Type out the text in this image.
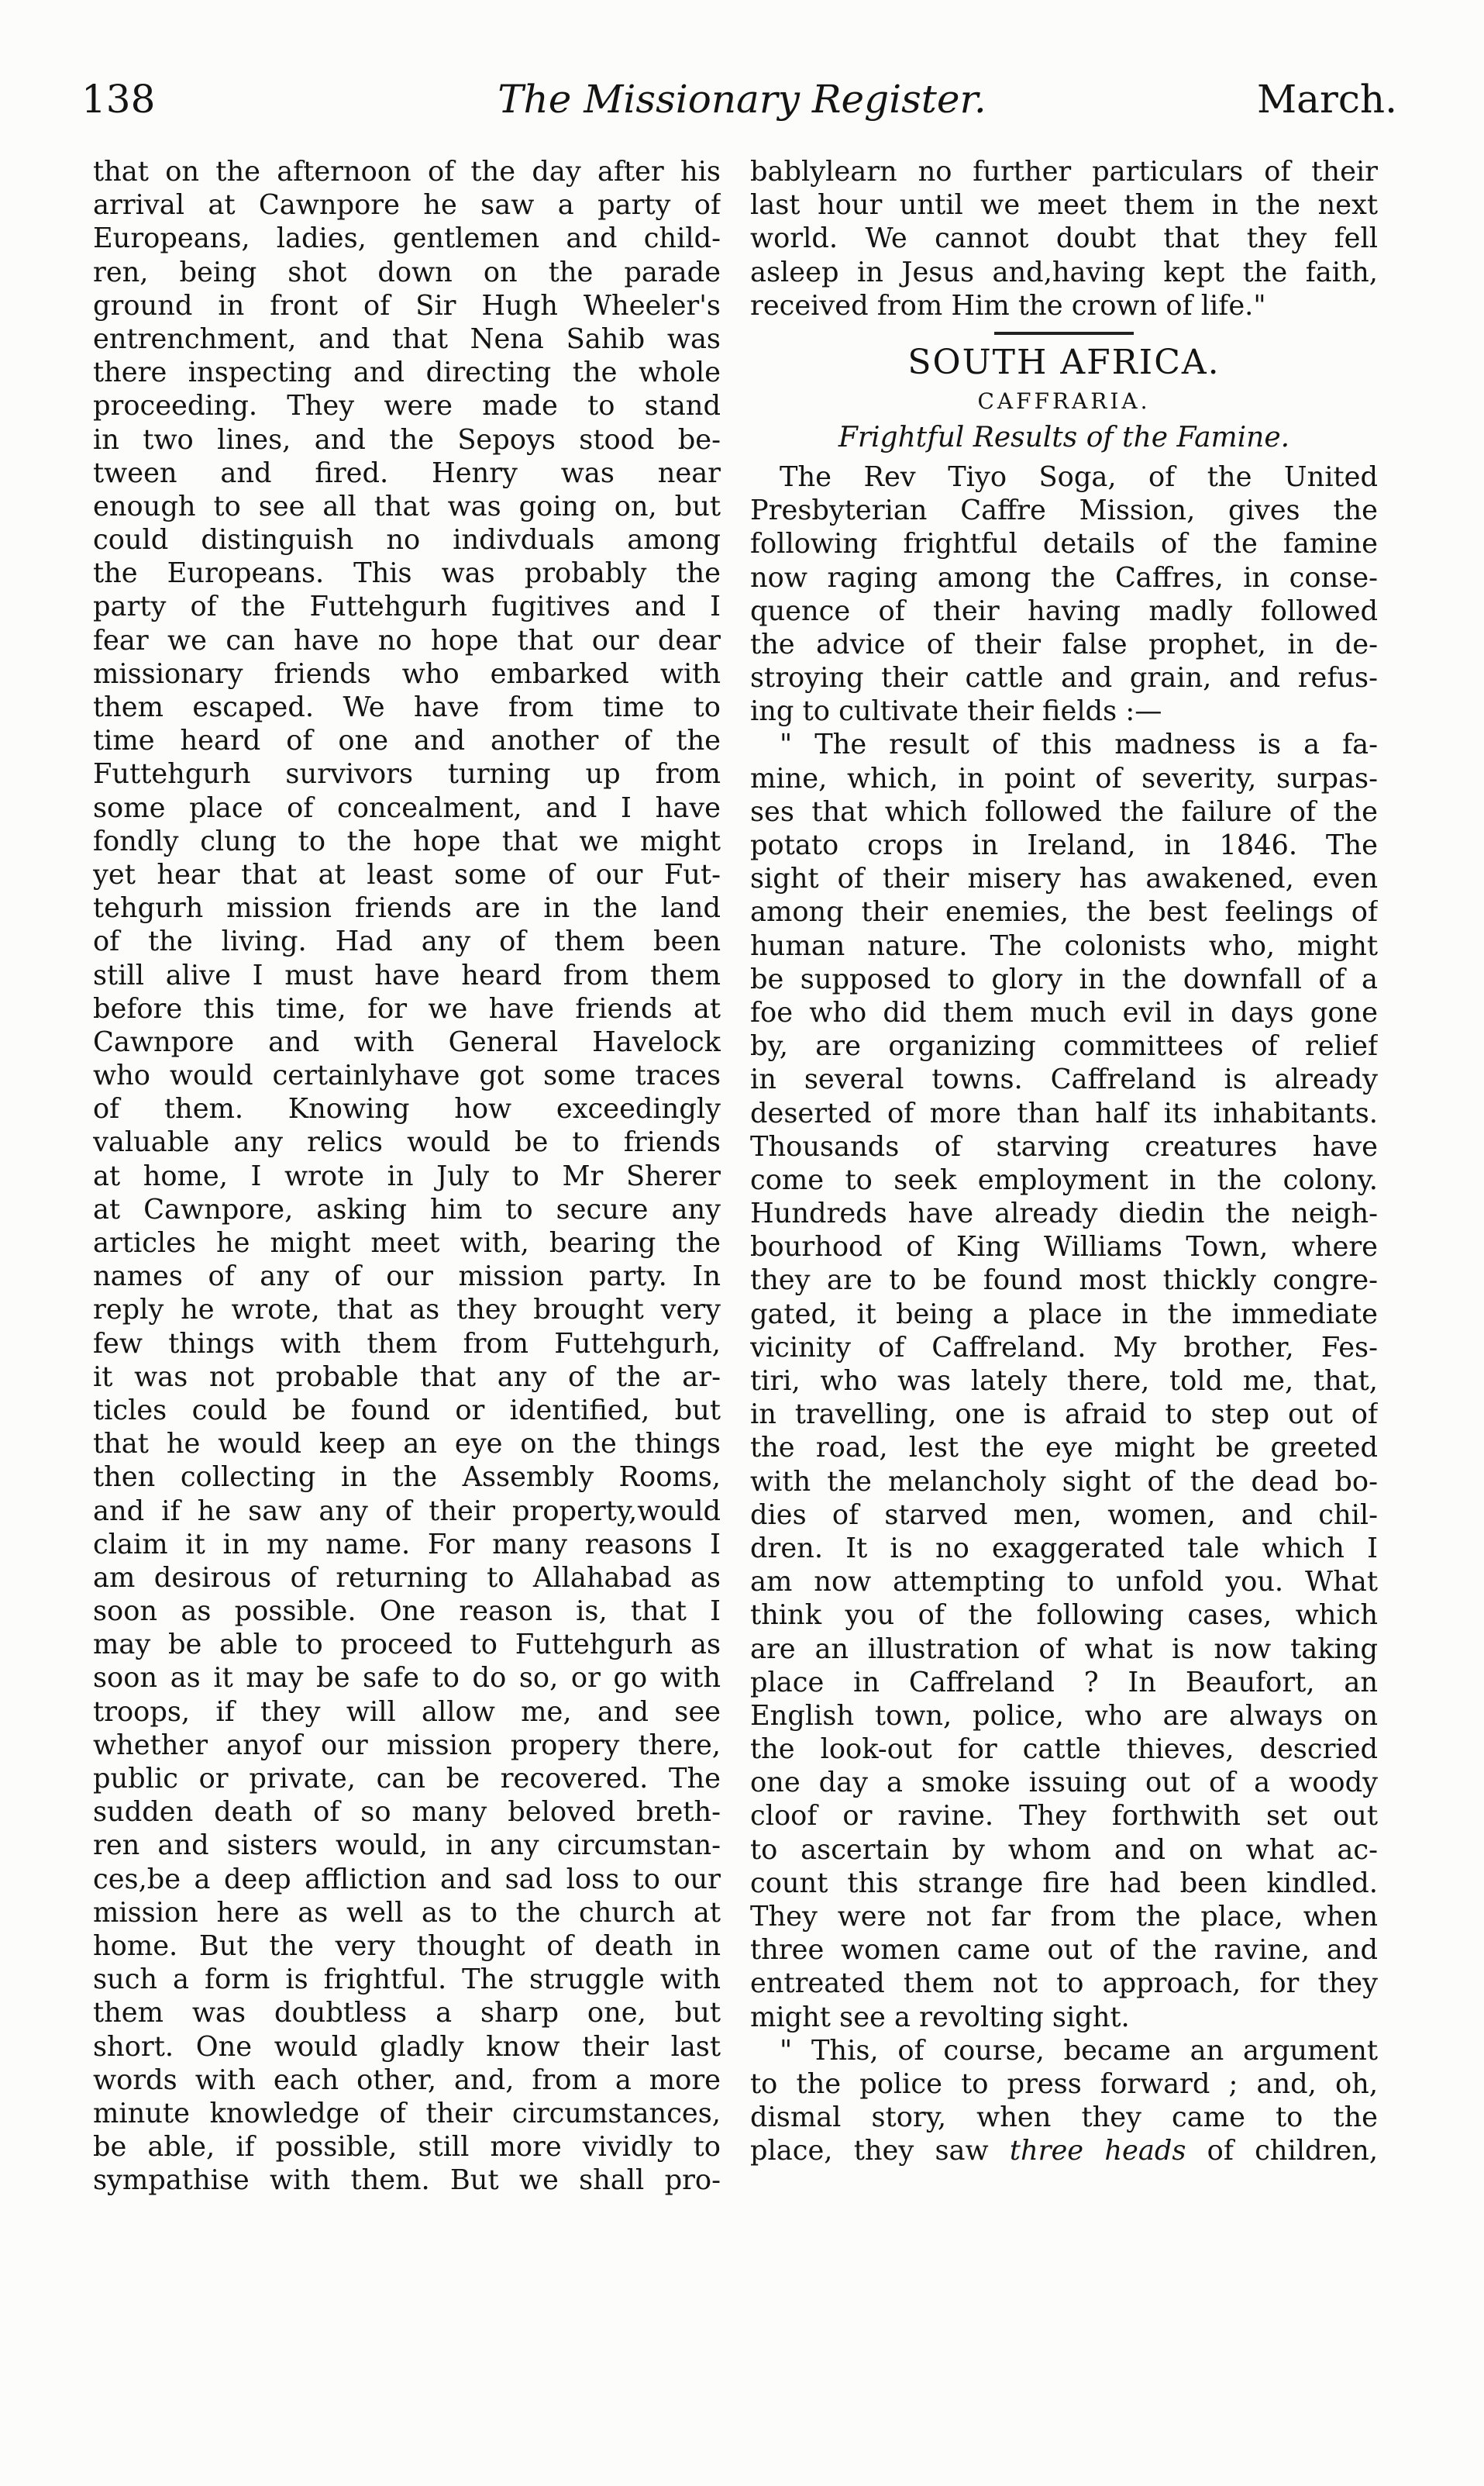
138	The Missionary Register.	March.
that on the afternoon of the day after his
arrival at Cawnpore he saw a party of
Europeans, ladies, gentlemen and child-
ren, being shot down on the parade
ground in front of Sir Hugh Wheeler's
entrenchment, and that Nena Sahib was
there inspecting and directing the whole
proceeding. They were made to stand
in two lines, and the Sepoys stood be-
tween and fired. Henry was near
enough to see all that was going on, but
could distinguish no indivduals among
the Europeans. This was probably the
party of the Futtehgurh fugitives and I
fear we can have no hope that our dear
missionary friends who embarked with
them escaped. We have from time to
time heard of one and another of the
Futtehgurh survivors turning up from
some place of concealment, and I have
fondly clung to the hope that we might
yet hear that at least some of our Fut-
tehgurh mission friends are in the land
of the living. Had any of them been
still alive I must have heard from them
before this time, for we have friends at
Cawnpore and with General Havelock
who would certainlyhave got some traces
of them. Knowing how exceedingly
valuable any relics would be to friends
at home, I wrote in July to Mr Sherer
at Cawnpore, asking him to secure any
articles he might meet with, bearing the
names of any of our mission party. In
reply he wrote, that as they brought very
few things with them from Futtehgurh,
it was not probable that any of the ar-
ticles could be found or identified, but
that he would keep an eye on the things
then collecting in the Assembly Rooms,
and if he saw any of their property,would
claim it in my name. For many reasons I
am desirous of returning to Allahabad as
soon as possible. One reason is, that I
may be able to proceed to Futtehgurh as
soon as it may be safe to do so, or go with
troops, if they will allow me, and see
whether anyof our mission propery there,
public or private, can be recovered. The
sudden death of so many beloved breth-
ren and sisters would, in any circumstan-
ces,be a deep affliction and sad loss to our
mission here as well as to the church at
home. But the very thought of death in
such a form is frightful. The struggle with
them was doubtless a sharp one, but
short. One would gladly know their last
words with each other, and, from a more
minute knowledge of their circumstances,
be able, if possible, still more vividly to
sympathise with them. But we shall pro-
bablylearn no further particulars of their
last hour until we meet them in the next
world. We cannot doubt that they fell
asleep in Jesus and,having kept the faith,
received from Him the crown of life."
SOUTH AFRICA.
CAFFRARIA.
Frightful Results of the Famine.
The Rev Tiyo Soga, of the United
Presbyterian Caffre Mission, gives the
following frightful details of the famine
now raging among the Caffres, in conse-
quence of their having madly followed
the advice of their false prophet, in de-
stroying their cattle and grain, and refus-
ing to cultivate their fields :—
" The result of this madness is a fa-
mine, which, in point of severity, surpas-
ses that which followed the failure of the
potato crops in Ireland, in 1846. The
sight of their misery has awakened, even
among their enemies, the best feelings of
human nature. The colonists who, might
be supposed to glory in the downfall of a
foe who did them much evil in days gone
by, are organizing committees of relief
in several towns. Caffreland is already
deserted of more than half its inhabitants.
Thousands of starving creatures have
come to seek employment in the colony.
Hundreds have already diedin the neigh-
bourhood of King Williams Town, where
they are to be found most thickly congre-
gated, it being a place in the immediate
vicinity of Caffreland. My brother, Fes-
tiri, who was lately there, told me, that,
in travelling, one is afraid to step out of
the road, lest the eye might be greeted
with the melancholy sight of the dead bo-
dies of starved men, women, and chil-
dren. It is no exaggerated tale which I
am now attempting to unfold you. What
think you of the following cases, which
are an illustration of what is now taking
place in Caffreland ? In Beaufort, an
English town, police, who are always on
the look-out for cattle thieves, descried
one day a smoke issuing out of a woody
cloof or ravine. They forthwith set out
to ascertain by whom and on what ac-
count this strange fire had been kindled.
They were not far from the place, when
three women came out of the ravine, and
entreated them not to approach, for they
might see a revolting sight.
" This, of course, became an argument
to the police to press forward ; and, oh,
dismal story, when they came to the
place, they saw three heads of children,
